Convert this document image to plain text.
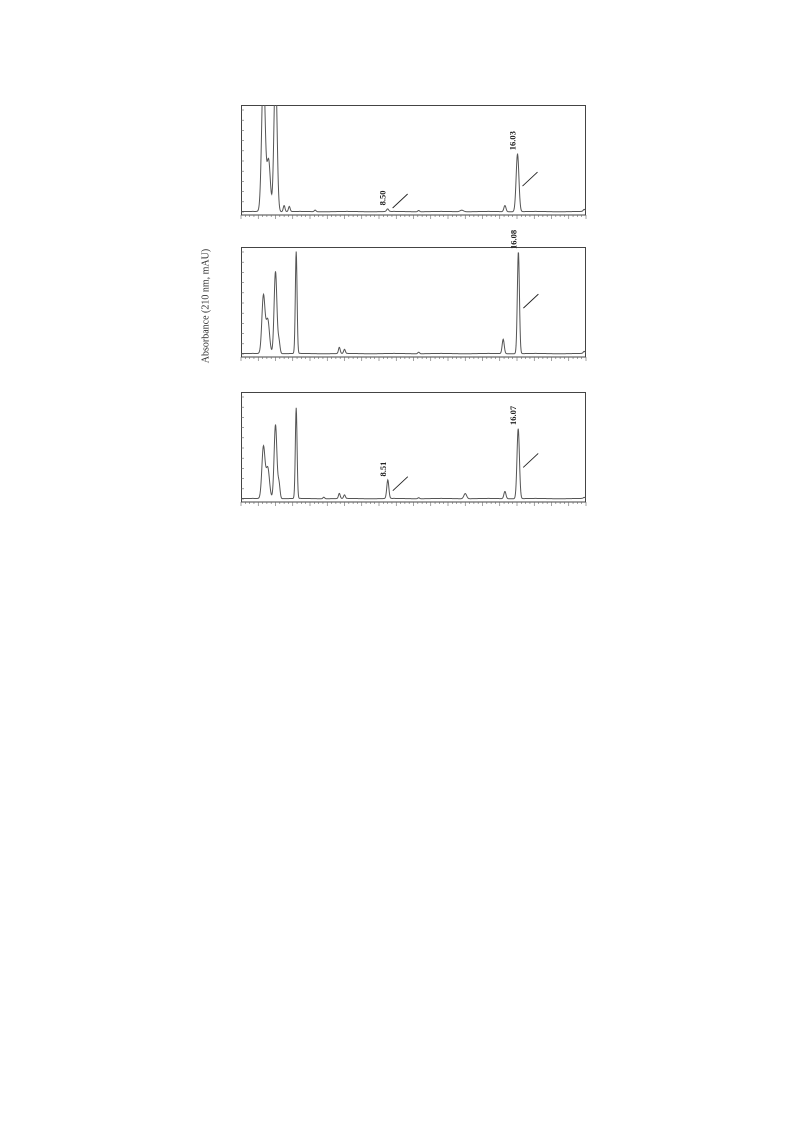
Absorbance (210 nm, mAU)
8.50
16.03
16.08
8.51
16.07
